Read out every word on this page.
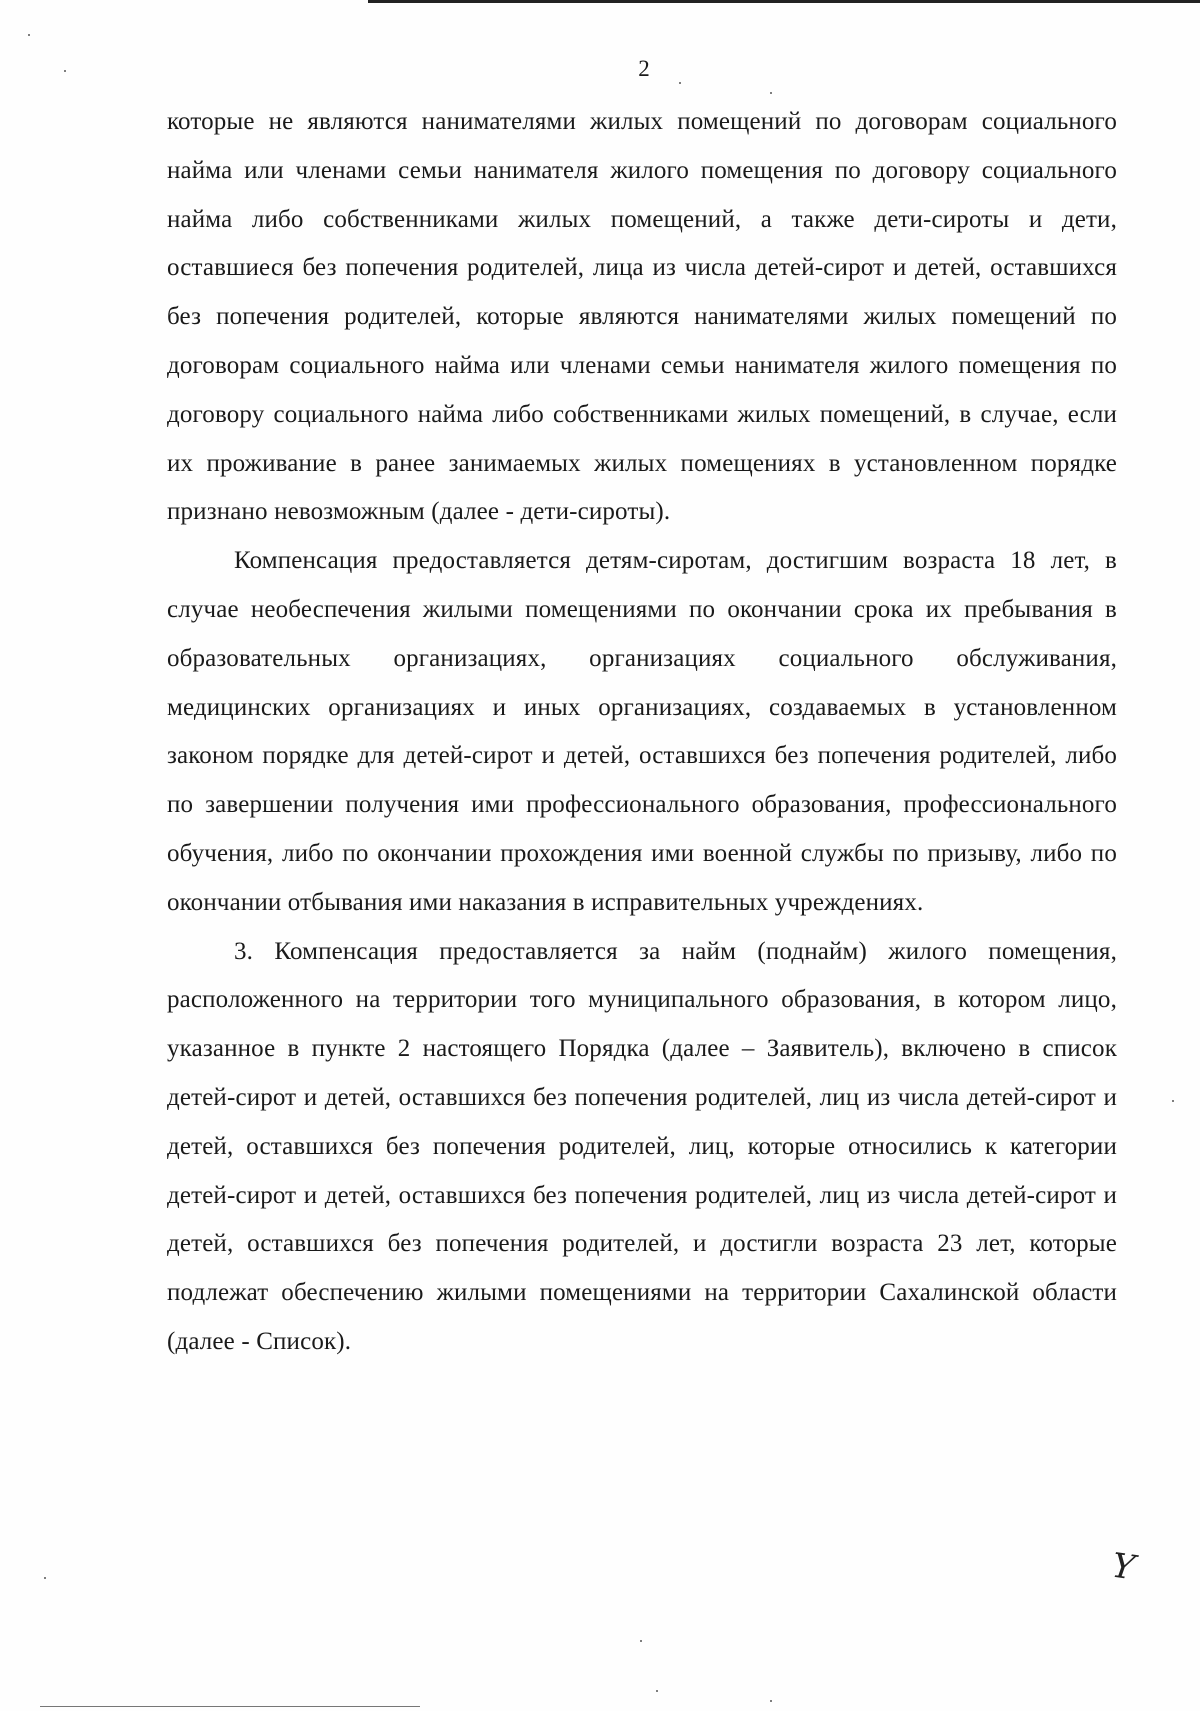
2

которые не являются нанимателями жилых помещений по договорам социального найма или членами семьи нанимателя жилого помещения по договору социального найма либо собственниками жилых помещений, а также дети-сироты и дети, оставшиеся без попечения родителей, лица из числа детей-сирот и детей, оставшихся без попечения родителей, которые являются нанимателями жилых помещений по договорам социального найма или членами семьи нанимателя жилого помещения по договору социального найма либо собственниками жилых помещений, в случае, если их проживание в ранее занимаемых жилых помещениях в установленном порядке признано невозможным (далее - дети-сироты).

Компенсация предоставляется детям-сиротам, достигшим возраста 18 лет, в случае необеспечения жилыми помещениями по окончании срока их пребывания в образовательных организациях, организациях социального обслуживания, медицинских организациях и иных организациях, создаваемых в установленном законом порядке для детей-сирот и детей, оставшихся без попечения родителей, либо по завершении получения ими профессионального образования, профессионального обучения, либо по окончании прохождения ими военной службы по призыву, либо по окончании отбывания ими наказания в исправительных учреждениях.

3. Компенсация предоставляется за найм (поднайм) жилого помещения, расположенного на территории того муниципального образования, в котором лицо, указанное в пункте 2 настоящего Порядка (далее – Заявитель), включено в список детей-сирот и детей, оставшихся без попечения родителей, лиц из числа детей-сирот и детей, оставшихся без попечения родителей, лиц, которые относились к категории детей-сирот и детей, оставшихся без попечения родителей, лиц из числа детей-сирот и детей, оставшихся без попечения родителей, и достигли возраста 23 лет, которые подлежат обеспечению жилыми помещениями на территории Сахалинской области (далее - Список).

Y
